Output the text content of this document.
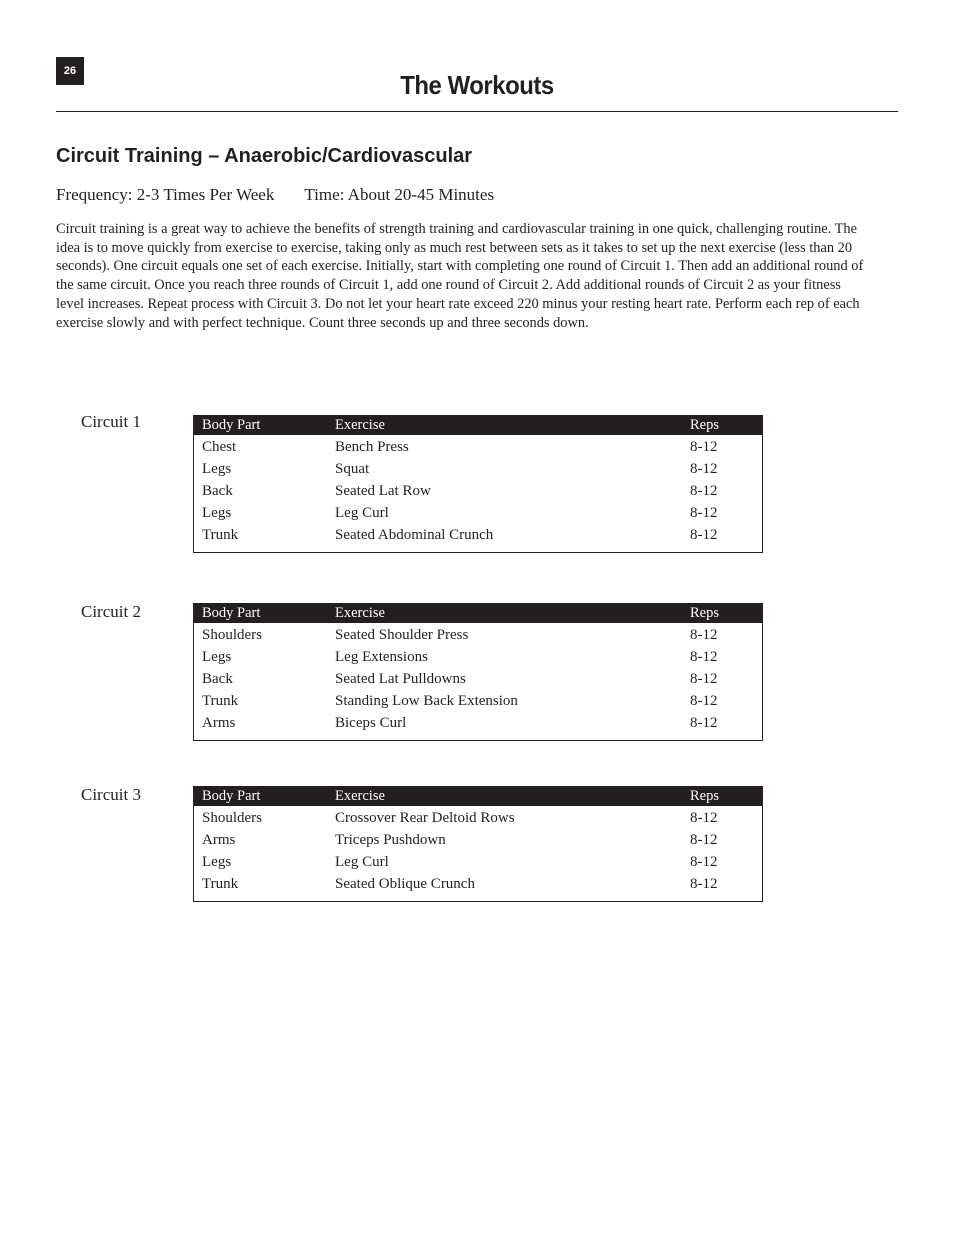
26	The Workouts
Circuit Training – Anaerobic/Cardiovascular
Frequency: 2-3 Times Per Week Time: About 20-45 Minutes

Circuit training is a great way to achieve the benefits of strength training and cardiovascular training in one quick, challenging routine. The idea is to move quickly from exercise to exercise, taking only as much rest between sets as it takes to set up the next exercise (less than 20 seconds). One circuit equals one set of each exercise. Initially, start with completing one round of Circuit 1. Then add an additional round of the same circuit. Once you reach three rounds of Circuit 1, add one round of Circuit 2. Add additional rounds of Circuit 2 as your fitness level increases. Repeat process with Circuit 3. Do not let your heart rate exceed 220 minus your resting heart rate. Perform each rep of each exercise slowly and with perfect technique. Count three seconds up and three seconds down.

Circuit 1	Body Part	Exercise	Reps
Chest	Bench Press	8-12
Legs	Squat	8-12
Back	Seated Lat Row	8-12
Legs	Leg Curl	8-12
Trunk	Seated Abdominal Crunch	8-12
Circuit 2	Body Part	Exercise	Reps
Shoulders	Seated Shoulder Press	8-12
Legs	Leg Extensions	8-12
Back	Seated Lat Pulldowns	8-12
Trunk	Standing Low Back Extension	8-12
Arms	Biceps Curl	8-12
Circuit 3	Body Part	Exercise	Reps
Shoulders	Crossover Rear Deltoid Rows	8-12
Arms	Triceps Pushdown	8-12
Legs	Leg Curl	8-12
Trunk	Seated Oblique Crunch	8-12
